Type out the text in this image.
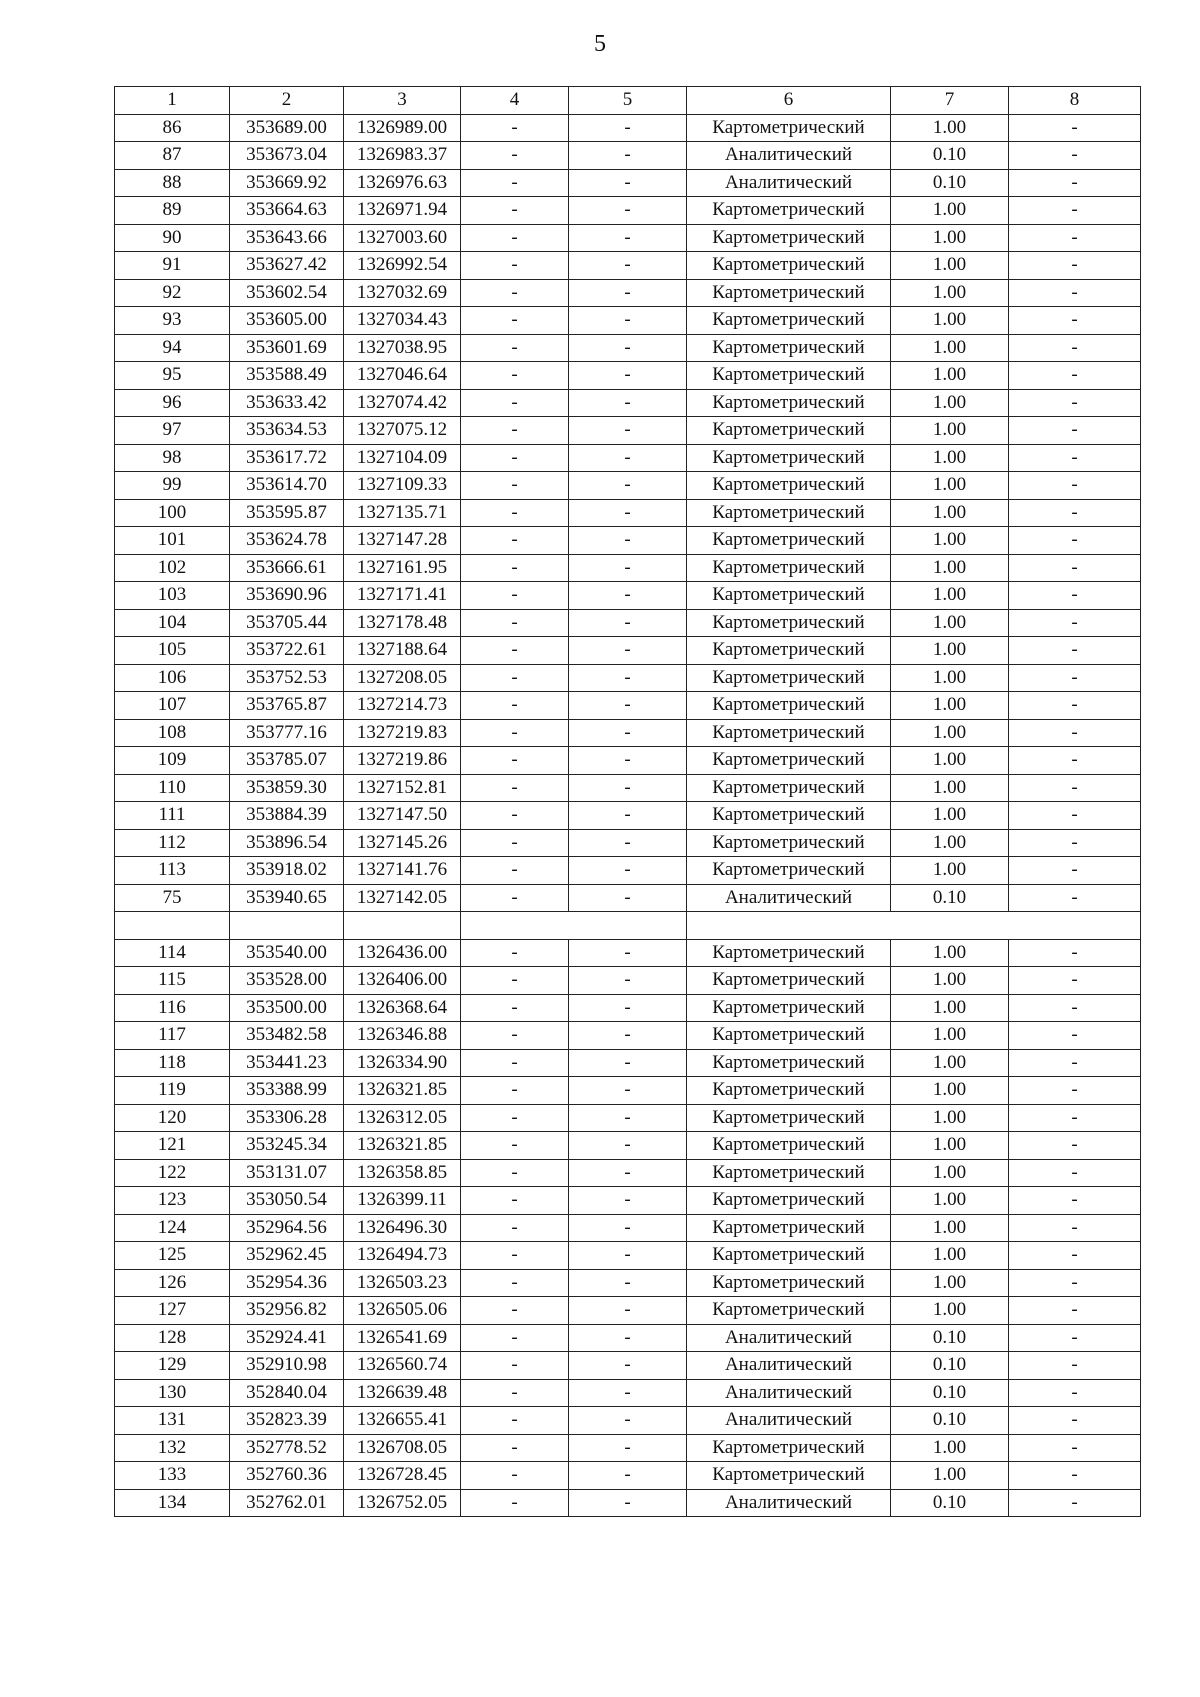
5
1	2	3	4	5	6	7	8
86	353689.00	1326989.00	-	-	Картометрический	1.00	-
87	353673.04	1326983.37	-	-	Аналитический	0.10	-
88	353669.92	1326976.63	-	-	Аналитический	0.10	-
89	353664.63	1326971.94	-	-	Картометрический	1.00	-
90	353643.66	1327003.60	-	-	Картометрический	1.00	-
91	353627.42	1326992.54	-	-	Картометрический	1.00	-
92	353602.54	1327032.69	-	-	Картометрический	1.00	-
93	353605.00	1327034.43	-	-	Картометрический	1.00	-
94	353601.69	1327038.95	-	-	Картометрический	1.00	-
95	353588.49	1327046.64	-	-	Картометрический	1.00	-
96	353633.42	1327074.42	-	-	Картометрический	1.00	-
97	353634.53	1327075.12	-	-	Картометрический	1.00	-
98	353617.72	1327104.09	-	-	Картометрический	1.00	-
99	353614.70	1327109.33	-	-	Картометрический	1.00	-
100	353595.87	1327135.71	-	-	Картометрический	1.00	-
101	353624.78	1327147.28	-	-	Картометрический	1.00	-
102	353666.61	1327161.95	-	-	Картометрический	1.00	-
103	353690.96	1327171.41	-	-	Картометрический	1.00	-
104	353705.44	1327178.48	-	-	Картометрический	1.00	-
105	353722.61	1327188.64	-	-	Картометрический	1.00	-
106	353752.53	1327208.05	-	-	Картометрический	1.00	-
107	353765.87	1327214.73	-	-	Картометрический	1.00	-
108	353777.16	1327219.83	-	-	Картометрический	1.00	-
109	353785.07	1327219.86	-	-	Картометрический	1.00	-
110	353859.30	1327152.81	-	-	Картометрический	1.00	-
111	353884.39	1327147.50	-	-	Картометрический	1.00	-
112	353896.54	1327145.26	-	-	Картометрический	1.00	-
113	353918.02	1327141.76	-	-	Картометрический	1.00	-
75	353940.65	1327142.05	-	-	Аналитический	0.10	-

114	353540.00	1326436.00	-	-	Картометрический	1.00	-
115	353528.00	1326406.00	-	-	Картометрический	1.00	-
116	353500.00	1326368.64	-	-	Картометрический	1.00	-
117	353482.58	1326346.88	-	-	Картометрический	1.00	-
118	353441.23	1326334.90	-	-	Картометрический	1.00	-
119	353388.99	1326321.85	-	-	Картометрический	1.00	-
120	353306.28	1326312.05	-	-	Картометрический	1.00	-
121	353245.34	1326321.85	-	-	Картометрический	1.00	-
122	353131.07	1326358.85	-	-	Картометрический	1.00	-
123	353050.54	1326399.11	-	-	Картометрический	1.00	-
124	352964.56	1326496.30	-	-	Картометрический	1.00	-
125	352962.45	1326494.73	-	-	Картометрический	1.00	-
126	352954.36	1326503.23	-	-	Картометрический	1.00	-
127	352956.82	1326505.06	-	-	Картометрический	1.00	-
128	352924.41	1326541.69	-	-	Аналитический	0.10	-
129	352910.98	1326560.74	-	-	Аналитический	0.10	-
130	352840.04	1326639.48	-	-	Аналитический	0.10	-
131	352823.39	1326655.41	-	-	Аналитический	0.10	-
132	352778.52	1326708.05	-	-	Картометрический	1.00	-
133	352760.36	1326728.45	-	-	Картометрический	1.00	-
134	352762.01	1326752.05	-	-	Аналитический	0.10	-
